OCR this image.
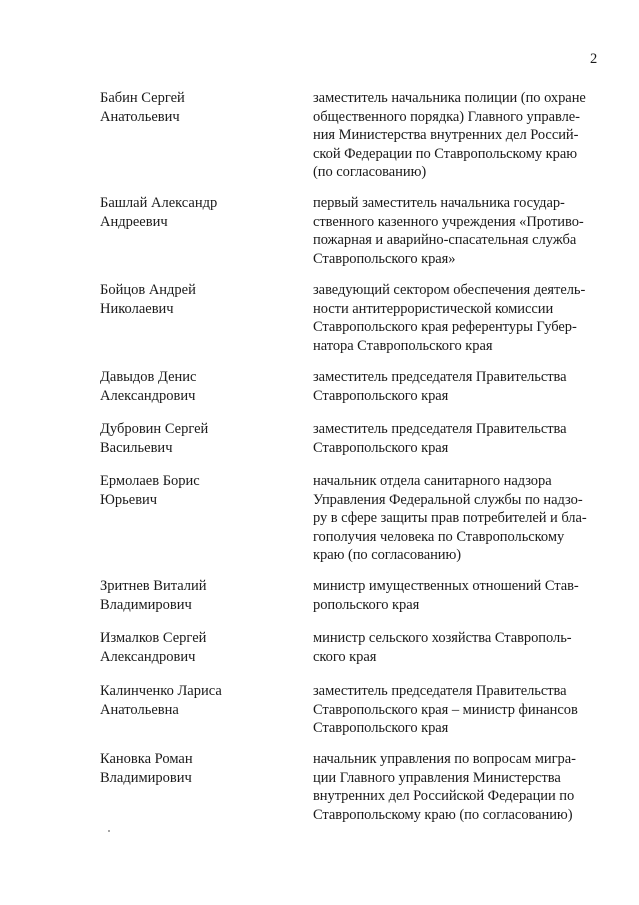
2
Бабин Сергей
Анатольевич
заместитель начальника полиции (по охране
общественного порядка) Главного управле-
ния Министерства внутренних дел Россий-
ской Федерации по Ставропольскому краю
(по согласованию)
Башлай Александр
Андреевич
первый заместитель начальника государ-
ственного казенного учреждения «Противо-
пожарная и аварийно-спасательная служба
Ставропольского края»
Бойцов Андрей
Николаевич
заведующий сектором обеспечения деятель-
ности антитеррористической комиссии
Ставропольского края референтуры Губер-
натора Ставропольского края
Давыдов Денис
Александрович
заместитель председателя Правительства
Ставропольского края
Дубровин Сергей
Васильевич
заместитель председателя Правительства
Ставропольского края
Ермолаев Борис
Юрьевич
начальник отдела санитарного надзора
Управления Федеральной службы по надзо-
ру в сфере защиты прав потребителей и бла-
гополучия человека по Ставропольскому
краю (по согласованию)
Зритнев Виталий
Владимирович
министр имущественных отношений Став-
ропольского края
Измалков Сергей
Александрович
министр сельского хозяйства Ставрополь-
ского края
Калинченко Лариса
Анатольевна
заместитель председателя Правительства
Ставропольского края – министр финансов
Ставропольского края
Кановка Роман
Владимирович
начальник управления по вопросам мигра-
ции Главного управления Министерства
внутренних дел Российской Федерации по
Ставропольскому краю (по согласованию)
